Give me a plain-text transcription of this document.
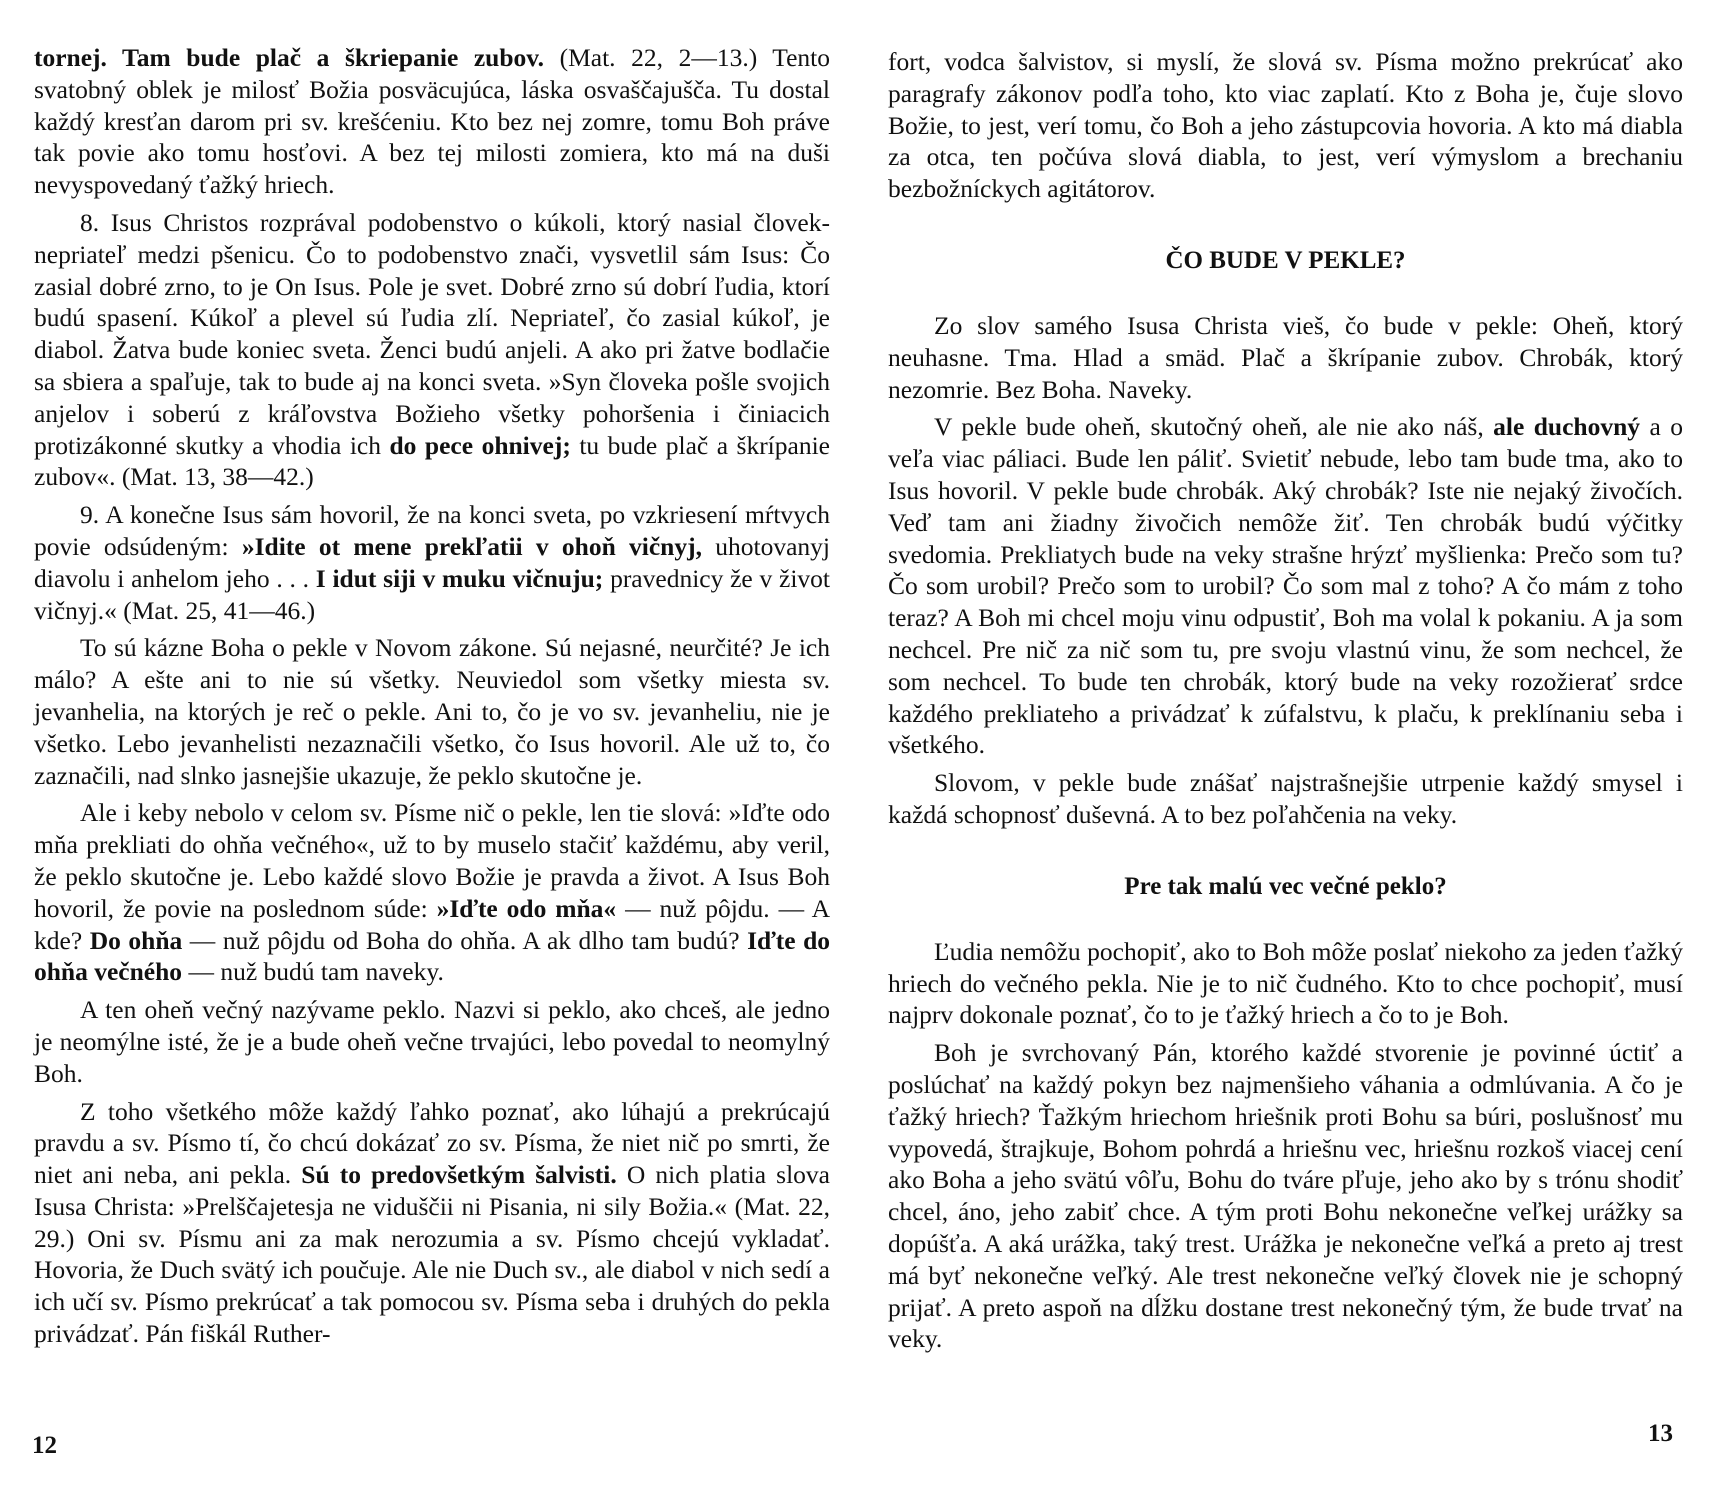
tornej. Tam bude plač a škriepanie zubov. (Mat. 22, 2—13.) Tento svatobný oblek je milosť Božia posväcujúca, láska osvaščajušča. Tu dostal každý kresťan darom pri sv. krešćeniu. Kto bez nej zomre, tomu Boh práve tak povie ako tomu hosťovi. A bez tej milosti zomiera, kto má na duši nevyspovedaný ťažký hriech.

8. Isus Christos rozprával podobenstvo o kúkoli, ktorý nasial človek-nepriateľ medzi pšenicu. Čo to podobenstvo znači, vysvetlil sám Isus: Čo zasial dobré zrno, to je On Isus. Pole je svet. Dobré zrno sú dobrí ľudia, ktorí budú spasení. Kúkoľ a plevel sú ľudia zlí. Nepriateľ, čo zasial kúkoľ, je diabol. Žatva bude koniec sveta. Ženci budú anjeli. A ako pri žatve bodlačie sa sbiera a spaľuje, tak to bude aj na konci sveta. »Syn človeka pošle svojich anjelov i soberú z kráľovstva Božieho všetky pohoršenia i činiacich protizákonné skutky a vhodia ich do pece ohnivej; tu bude plač a škrípanie zubov«. (Mat. 13, 38—42.)

9. A konečne Isus sám hovoril, že na konci sveta, po vzkriesení mŕtvych povie odsúdeným: »Idite ot mene prekľatii v ohoň vičnyj, uhotovanyj diavolu i anhelom jeho . . . I idut siji v muku vičnuju; pravednicy že v život vičnyj.« (Mat. 25, 41—46.)

To sú kázne Boha o pekle v Novom zákone. Sú nejasné, neurčité? Je ich málo? A ešte ani to nie sú všetky. Neuviedol som všetky miesta sv. jevanhelia, na ktorých je reč o pekle. Ani to, čo je vo sv. jevanheliu, nie je všetko. Lebo jevanhelisti nezaznačili všetko, čo Isus hovoril. Ale už to, čo zaznačili, nad slnko jasnejšie ukazuje, že peklo skutočne je.

Ale i keby nebolo v celom sv. Písme nič o pekle, len tie slová: »Iďte odo mňa prekliati do ohňa večného«, už to by muselo stačiť každému, aby veril, že peklo skutočne je. Lebo každé slovo Božie je pravda a život. A Isus Boh hovoril, že povie na poslednom súde: »Iďte odo mňa« — nuž pôjdu. — A kde? Do ohňa — nuž pôjdu od Boha do ohňa. A ak dlho tam budú? Iďte do ohňa večného — nuž budú tam naveky.

A ten oheň večný nazývame peklo. Nazvi si peklo, ako chceš, ale jedno je neomýlne isté, že je a bude oheň večne trvajúci, lebo povedal to neomylný Boh.

Z toho všetkého môže každý ľahko poznať, ako lúhajú a prekrúcajú pravdu a sv. Písmo tí, čo chcú dokázať zo sv. Písma, že niet nič po smrti, že niet ani neba, ani pekla. Sú to predovšetkým šalvisti. O nich platia slova Isusa Christa: »Prelščajetesja ne viduščii ni Pisania, ni sily Božia.« (Mat. 22, 29.) Oni sv. Písmu ani za mak nerozumia a sv. Písmo chcejú vykladať. Hovoria, že Duch svätý ich poučuje. Ale nie Duch sv., ale diabol v nich sedí a ich učí sv. Písmo prekrúcať a tak pomocou sv. Písma seba i druhých do pekla privádzať. Pán fiškál Ruther-

12

fort, vodca šalvistov, si myslí, že slová sv. Písma možno prekrúcať ako paragrafy zákonov podľa toho, kto viac zaplatí. Kto z Boha je, čuje slovo Božie, to jest, verí tomu, čo Boh a jeho zástupcovia hovoria. A kto má diabla za otca, ten počúva slová diabla, to jest, verí výmyslom a brechaniu bezbožníckych agitátorov.

ČO BUDE V PEKLE?

Zo slov samého Isusa Christa vieš, čo bude v pekle: Oheň, ktorý neuhasne. Tma. Hlad a smäd. Plač a škrípanie zubov. Chrobák, ktorý nezomrie. Bez Boha. Naveky.

V pekle bude oheň, skutočný oheň, ale nie ako náš, ale duchovný a o veľa viac páliaci. Bude len páliť. Svietiť nebude, lebo tam bude tma, ako to Isus hovoril. V pekle bude chrobák. Aký chrobák? Iste nie nejaký živočích. Veď tam ani žiadny živočich nemôže žiť. Ten chrobák budú výčitky svedomia. Prekliatych bude na veky strašne hrýzť myšlienka: Prečo som tu? Čo som urobil? Prečo som to urobil? Čo som mal z toho? A čo mám z toho teraz? A Boh mi chcel moju vinu odpustiť, Boh ma volal k pokaniu. A ja som nechcel. Pre nič za nič som tu, pre svoju vlastnú vinu, že som nechcel, že som nechcel. To bude ten chrobák, ktorý bude na veky rozožierať srdce každého prekliateho a privádzať k zúfalstvu, k plaču, k preklínaniu seba i všetkého.

Slovom, v pekle bude znášať najstrašnejšie utrpenie každý smysel i každá schopnosť duševná. A to bez poľahčenia na veky.

Pre tak malú vec večné peklo?

Ľudia nemôžu pochopiť, ako to Boh môže poslať niekoho za jeden ťažký hriech do večného pekla. Nie je to nič čudného. Kto to chce pochopiť, musí najprv dokonale poznať, čo to je ťažký hriech a čo to je Boh.

Boh je svrchovaný Pán, ktorého každé stvorenie je povinné úctiť a poslúchať na každý pokyn bez najmenšieho váhania a odmlúvania. A čo je ťažký hriech? Ťažkým hriechom hriešnik proti Bohu sa búri, poslušnosť mu vypovedá, štrajkuje, Bohom pohrdá a hriešnu vec, hriešnu rozkoš viacej cení ako Boha a jeho svätú vôľu, Bohu do tváre pľuje, jeho ako by s trónu shodiť chcel, áno, jeho zabiť chce. A tým proti Bohu nekonečne veľkej urážky sa dopúšťa. A aká urážka, taký trest. Urážka je nekonečne veľká a preto aj trest má byť nekonečne veľký. Ale trest nekonečne veľký človek nie je schopný prijať. A preto aspoň na dĺžku dostane trest nekonečný tým, že bude trvať na veky.

13
